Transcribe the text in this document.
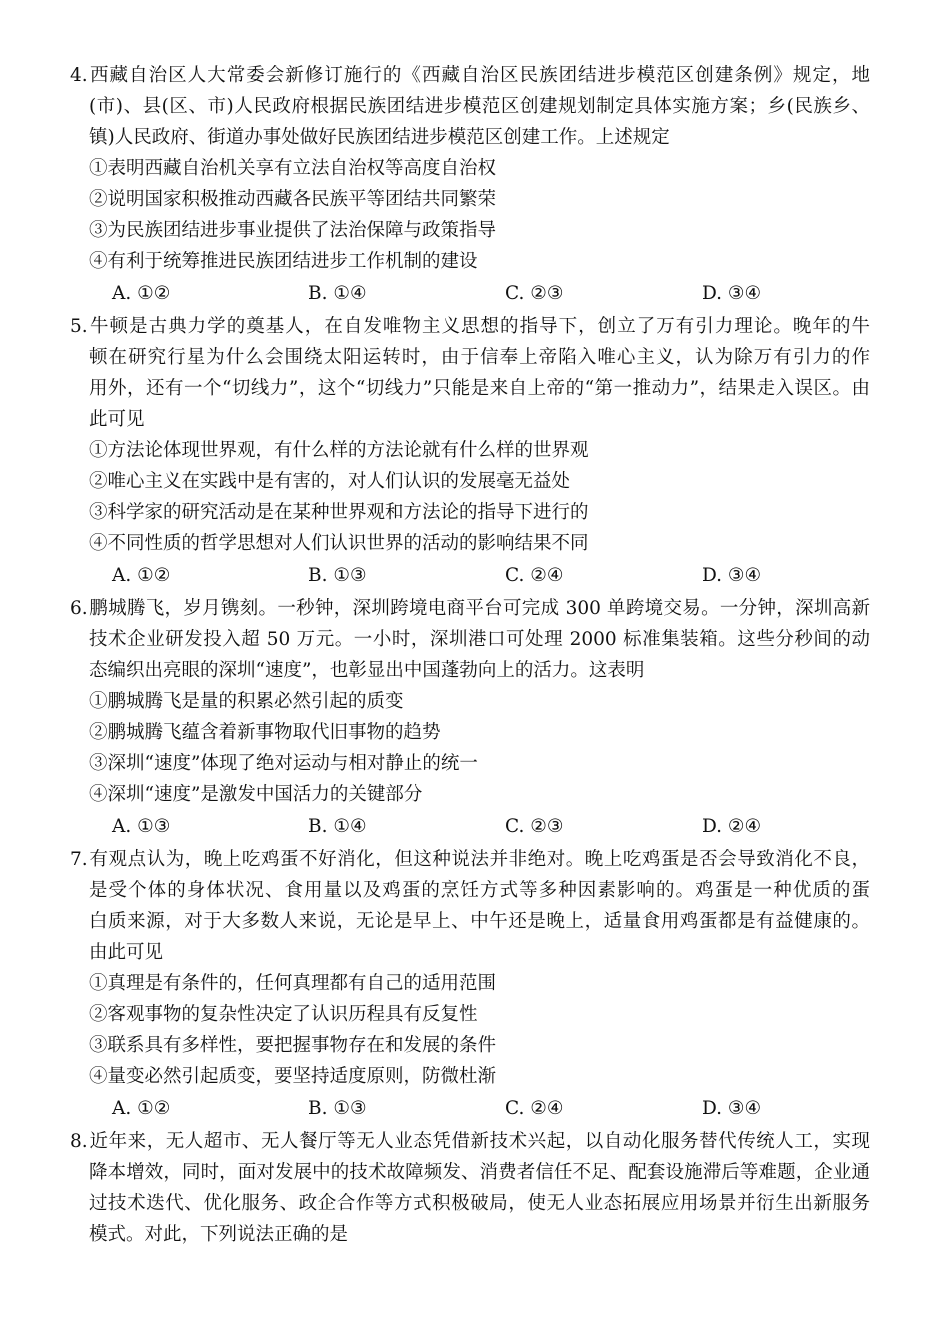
4.西藏自治区人大常委会新修订施行的《西藏自治区民族团结进步模范区创建条例》规定，地
(市)、县(区、市)人民政府根据民族团结进步模范区创建规划制定具体实施方案；乡(民族乡、
镇)人民政府、街道办事处做好民族团结进步模范区创建工作。上述规定
①表明西藏自治机关享有立法自治权等高度自治权
②说明国家积极推动西藏各民族平等团结共同繁荣
③为民族团结进步事业提供了法治保障与政策指导
④有利于统筹推进民族团结进步工作机制的建设
A. ①②	B. ①④	C. ②③	D. ③④
5.牛顿是古典力学的奠基人，在自发唯物主义思想的指导下，创立了万有引力理论。晚年的牛
顿在研究行星为什么会围绕太阳运转时，由于信奉上帝陷入唯心主义，认为除万有引力的作
用外，还有一个“切线力”，这个“切线力”只能是来自上帝的“第一推动力”，结果走入误区。由
此可见
①方法论体现世界观，有什么样的方法论就有什么样的世界观
②唯心主义在实践中是有害的，对人们认识的发展毫无益处
③科学家的研究活动是在某种世界观和方法论的指导下进行的
④不同性质的哲学思想对人们认识世界的活动的影响结果不同
A. ①②	B. ①③	C. ②④	D. ③④
6.鹏城腾飞，岁月镌刻。一秒钟，深圳跨境电商平台可完成 300 单跨境交易。一分钟，深圳高新
技术企业研发投入超 50 万元。一小时，深圳港口可处理 2000 标准集装箱。这些分秒间的动
态编织出亮眼的深圳“速度”，也彰显出中国蓬勃向上的活力。这表明
①鹏城腾飞是量的积累必然引起的质变
②鹏城腾飞蕴含着新事物取代旧事物的趋势
③深圳“速度”体现了绝对运动与相对静止的统一
④深圳“速度”是激发中国活力的关键部分
A. ①③	B. ①④	C. ②③	D. ②④
7.有观点认为，晚上吃鸡蛋不好消化，但这种说法并非绝对。晚上吃鸡蛋是否会导致消化不良，
是受个体的身体状况、食用量以及鸡蛋的烹饪方式等多种因素影响的。鸡蛋是一种优质的蛋
白质来源，对于大多数人来说，无论是早上、中午还是晚上，适量食用鸡蛋都是有益健康的。
由此可见
①真理是有条件的，任何真理都有自己的适用范围
②客观事物的复杂性决定了认识历程具有反复性
③联系具有多样性，要把握事物存在和发展的条件
④量变必然引起质变，要坚持适度原则，防微杜渐
A. ①②	B. ①③	C. ②④	D. ③④
8.近年来，无人超市、无人餐厅等无人业态凭借新技术兴起，以自动化服务替代传统人工，实现
降本增效，同时，面对发展中的技术故障频发、消费者信任不足、配套设施滞后等难题，企业通
过技术迭代、优化服务、政企合作等方式积极破局，使无人业态拓展应用场景并衍生出新服务
模式。对此，下列说法正确的是
